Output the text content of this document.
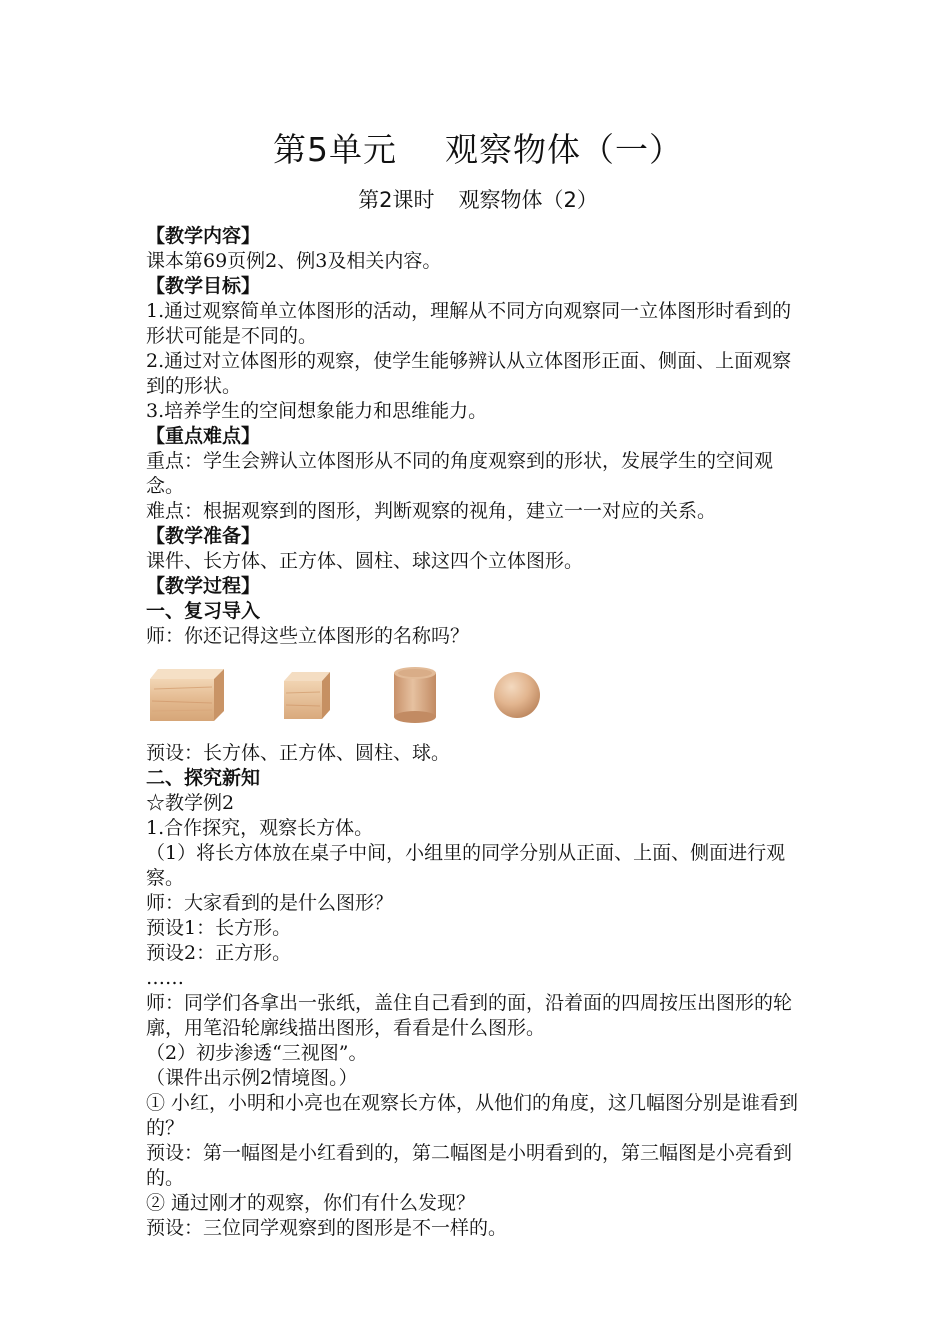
第5单元 观察物体（一）
第2课时 观察物体（2）
【教学内容】
课本第69页例2、例3及相关内容。
【教学目标】
1.通过观察简单立体图形的活动，理解从不同方向观察同一立体图形时看到的形状可能是不同的。
2.通过对立体图形的观察，使学生能够辨认从立体图形正面、侧面、上面观察到的形状。
3.培养学生的空间想象能力和思维能力。
【重点难点】
重点：学生会辨认立体图形从不同的角度观察到的形状，发展学生的空间观念。
难点：根据观察到的图形，判断观察的视角，建立一一对应的关系。
【教学准备】
课件、长方体、正方体、圆柱、球这四个立体图形。
【教学过程】
一、复习导入
师：你还记得这些立体图形的名称吗？
预设：长方体、正方体、圆柱、球。
二、探究新知
☆教学例2
1.合作探究，观察长方体。
（1）将长方体放在桌子中间，小组里的同学分别从正面、上面、侧面进行观察。
师：大家看到的是什么图形？
预设1：长方形。
预设2：正方形。
……
师：同学们各拿出一张纸，盖住自己看到的面，沿着面的四周按压出图形的轮廓，用笔沿轮廓线描出图形，看看是什么图形。
（2）初步渗透“三视图”。
（课件出示例2情境图。）
① 小红，小明和小亮也在观察长方体，从他们的角度，这几幅图分别是谁看到的？
预设：第一幅图是小红看到的，第二幅图是小明看到的，第三幅图是小亮看到的。
② 通过刚才的观察，你们有什么发现？
预设：三位同学观察到的图形是不一样的。
